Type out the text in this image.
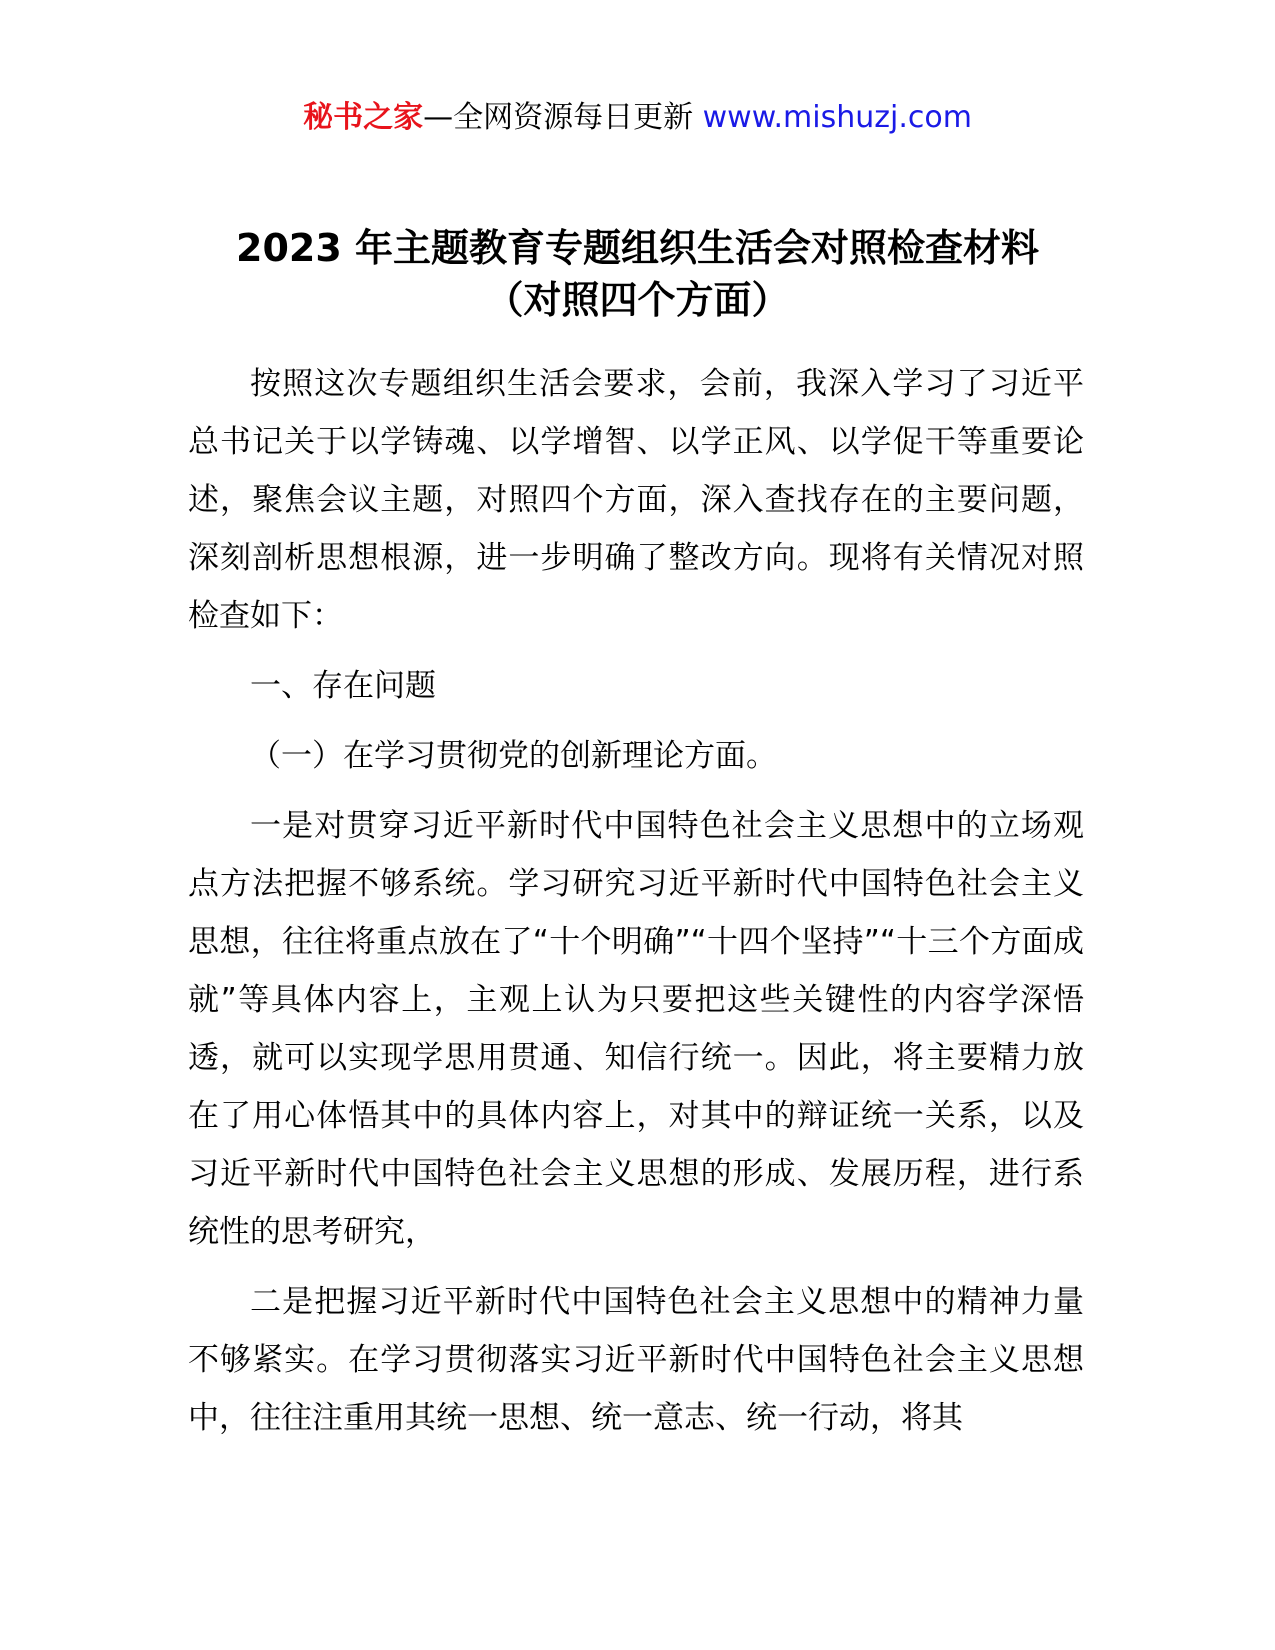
秘书之家—全网资源每日更新 www.mishuzj.com
2023 年主题教育专题组织生活会对照检查材料
（对照四个方面）

按照这次专题组织生活会要求，会前，我深入学习了习近平总书记关于以学铸魂、以学增智、以学正风、以学促干等重要论述，聚焦会议主题，对照四个方面，深入查找存在的主要问题，深刻剖析思想根源，进一步明确了整改方向。现将有关情况对照检查如下：

一、存在问题

（一）在学习贯彻党的创新理论方面。

一是对贯穿习近平新时代中国特色社会主义思想中的立场观点方法把握不够系统。学习研究习近平新时代中国特色社会主义思想，往往将重点放在了“十个明确”“十四个坚持”“十三个方面成就”等具体内容上，主观上认为只要把这些关键性的内容学深悟透，就可以实现学思用贯通、知信行统一。因此，将主要精力放在了用心体悟其中的具体内容上，对其中的辩证统一关系，以及习近平新时代中国特色社会主义思想的形成、发展历程，进行系统性的思考研究，

二是把握习近平新时代中国特色社会主义思想中的精神力量不够紧实。在学习贯彻落实习近平新时代中国特色社会主义思想中，往往注重用其统一思想、统一意志、统一行动，将其
